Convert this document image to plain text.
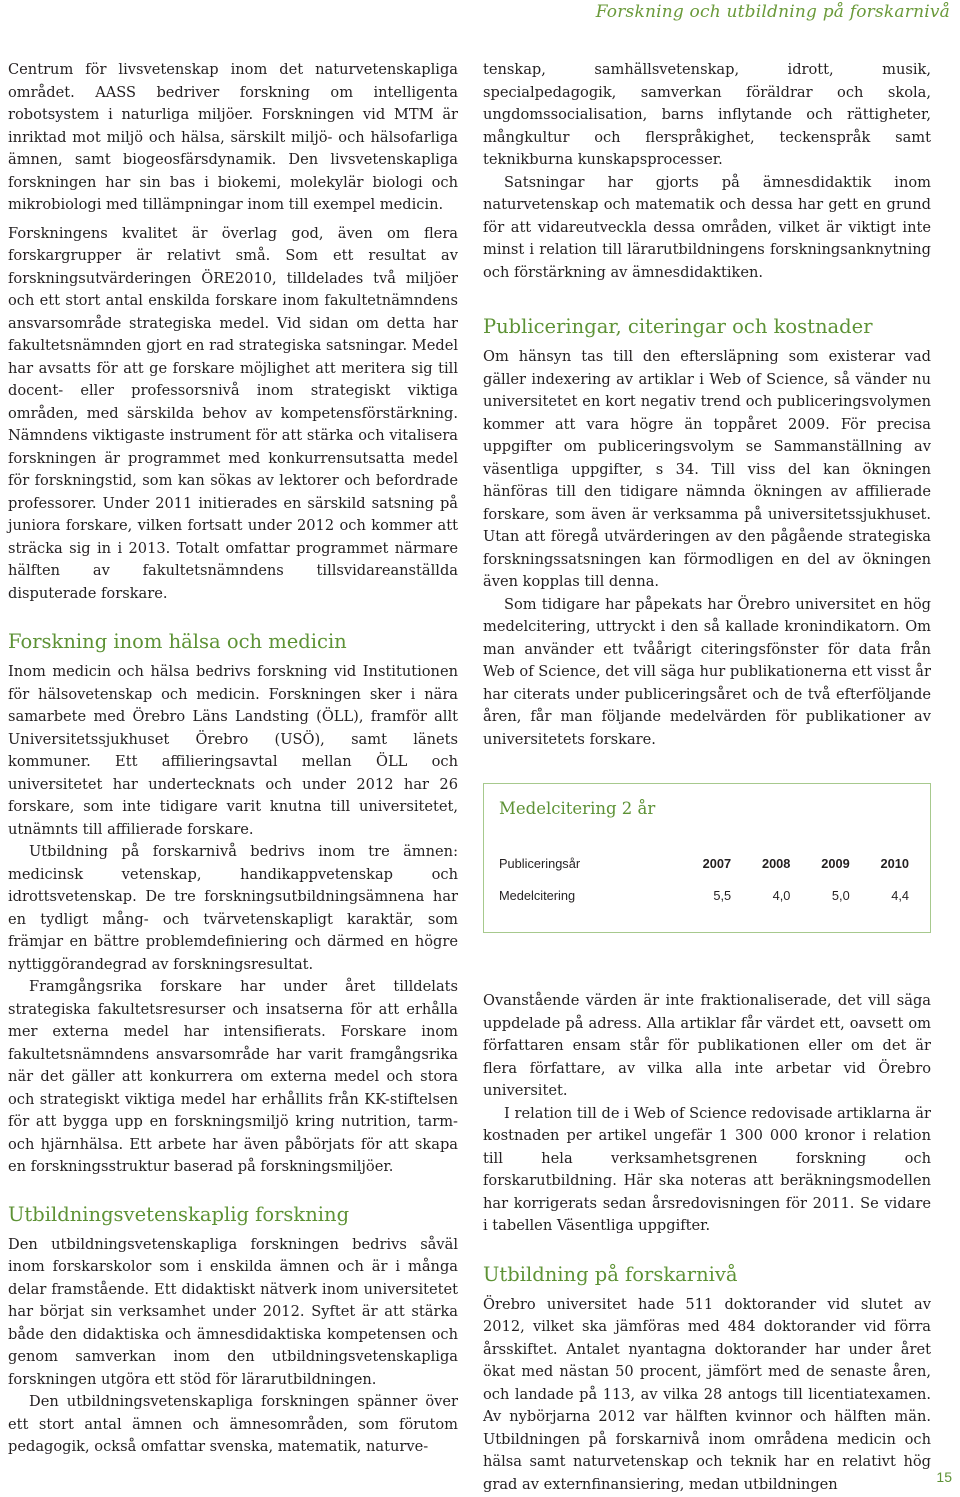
Forskning och utbildning på forskarnivå

Centrum för livsvetenskap inom det naturvetenskapliga området. AASS bedriver forskning om intelligenta robotsystem i naturliga miljöer. Forskningen vid MTM är inriktad mot miljö och hälsa, särskilt miljö- och hälsofarliga ämnen, samt biogeosfärsdynamik. Den livsvetenskapliga forskningen har sin bas i biokemi, molekylär biologi och mikrobiologi med tillämpningar inom till exempel medicin.

Forskningens kvalitet är överlag god, även om flera forskargrupper är relativt små. Som ett resultat av forskningsutvärderingen ÖRE2010, tilldelades två miljöer och ett stort antal enskilda forskare inom fakultetnämndens ansvarsområde strategiska medel. Vid sidan om detta har fakultetsnämnden gjort en rad strategiska satsningar. Medel har avsatts för att ge forskare möjlighet att meritera sig till docent- eller professorsnivå inom strategiskt viktiga områden, med särskilda behov av kompetensförstärkning. Nämndens viktigaste instrument för att stärka och vitalisera forskningen är programmet med konkurrensutsatta medel för forskningstid, som kan sökas av lektorer och befordrade professorer. Under 2011 initierades en särskild satsning på juniora forskare, vilken fortsatt under 2012 och kommer att sträcka sig in i 2013. Totalt omfattar programmet närmare hälften av fakultetsnämndens tillsvidareanställda disputerade forskare.

Forskning inom hälsa och medicin

Inom medicin och hälsa bedrivs forskning vid Institutionen för hälsovetenskap och medicin. Forskningen sker i nära samarbete med Örebro Läns Landsting (ÖLL), framför allt Universitetssjukhuset Örebro (USÖ), samt länets kommuner. Ett affilieringsavtal mellan ÖLL och universitetet har undertecknats och under 2012 har 26 forskare, som inte tidigare varit knutna till universitetet, utnämnts till affilierade forskare.

Utbildning på forskarnivå bedrivs inom tre ämnen: medicinsk vetenskap, handikappvetenskap och idrottsvetenskap. De tre forskningsutbildningsämnena har en tydligt mång- och tvärvetenskapligt karaktär, som främjar en bättre problemdefiniering och därmed en högre nyttiggörandegrad av forskningsresultat.

Framgångsrika forskare har under året tilldelats strategiska fakultetsresurser och insatserna för att erhålla mer externa medel har intensifierats. Forskare inom fakultetsnämndens ansvarsområde har varit framgångsrika när det gäller att konkurrera om externa medel och stora och strategiskt viktiga medel har erhållits från KK-stiftelsen för att bygga upp en forskningsmiljö kring nutrition, tarm- och hjärnhälsa. Ett arbete har även påbörjats för att skapa en forskningsstruktur baserad på forskningsmiljöer.

Utbildningsvetenskaplig forskning

Den utbildningsvetenskapliga forskningen bedrivs såväl inom forskarskolor som i enskilda ämnen och är i många delar framstående. Ett didaktiskt nätverk inom universitetet har börjat sin verksamhet under 2012. Syftet är att stärka både den didaktiska och ämnesdidaktiska kompetensen och genom samverkan inom den utbildningsvetenskapliga forskningen utgöra ett stöd för lärarutbildningen.

Den utbildningsvetenskapliga forskningen spänner över ett stort antal ämnen och ämnesområden, som förutom pedagogik, också omfattar svenska, matematik, naturve-

tenskap, samhällsvetenskap, idrott, musik, specialpedagogik, samverkan föräldrar och skola, ungdomssocialisation, barns inflytande och rättigheter, mångkultur och flerspråkighet, teckenspråk samt teknikburna kunskapsprocesser.

Satsningar har gjorts på ämnesdidaktik inom naturvetenskap och matematik och dessa har gett en grund för att vidareutveckla dessa områden, vilket är viktigt inte minst i relation till lärarutbildningens forskningsanknytning och förstärkning av ämnesdidaktiken.

Publiceringar, citeringar och kostnader

Om hänsyn tas till den eftersläpning som existerar vad gäller indexering av artiklar i Web of Science, så vänder nu universitetet en kort negativ trend och publiceringsvolymen kommer att vara högre än toppåret 2009. För precisa uppgifter om publiceringsvolym se Sammanställning av väsentliga uppgifter, s 34. Till viss del kan ökningen hänföras till den tidigare nämnda ökningen av affilierade forskare, som även är verksamma på universitetssjukhuset. Utan att föregå utvärderingen av den pågående strategiska forskningssatsningen kan förmodligen en del av ökningen även kopplas till denna.

Som tidigare har påpekats har Örebro universitet en hög medelcitering, uttryckt i den så kallade kronindikatorn. Om man använder ett tvåårigt citeringsfönster för data från Web of Science, det vill säga hur publikationerna ett visst år har citerats under publiceringsåret och de två efterföljande åren, får man följande medelvärden för publikationer av universitetets forskare.

Medelcitering 2 år
Publiceringsår	2007	2008	2009	2010
Medelcitering	5,5	4,0	5,0	4,4

Ovanstående värden är inte fraktionaliserade, det vill säga uppdelade på adress. Alla artiklar får värdet ett, oavsett om författaren ensam står för publikationen eller om det är flera författare, av vilka alla inte arbetar vid Örebro universitet.

I relation till de i Web of Science redovisade artiklarna är kostnaden per artikel ungefär 1 300 000 kronor i relation till hela verksamhetsgrenen forskning och forskarutbildning. Här ska noteras att beräkningsmodellen har korrigerats sedan årsredovisningen för 2011. Se vidare i tabellen Väsentliga uppgifter.

Utbildning på forskarnivå

Örebro universitet hade 511 doktorander vid slutet av 2012, vilket ska jämföras med 484 doktorander vid förra årsskiftet. Antalet nyantagna doktorander har under året ökat med nästan 50 procent, jämfört med de senaste åren, och landade på 113, av vilka 28 antogs till licentiatexamen. Av nybörjarna 2012 var hälften kvinnor och hälften män. Utbildningen på forskarnivå inom områdena medicin och hälsa samt naturvetenskap och teknik har en relativt hög grad av externfinansiering, medan utbildningen	15
